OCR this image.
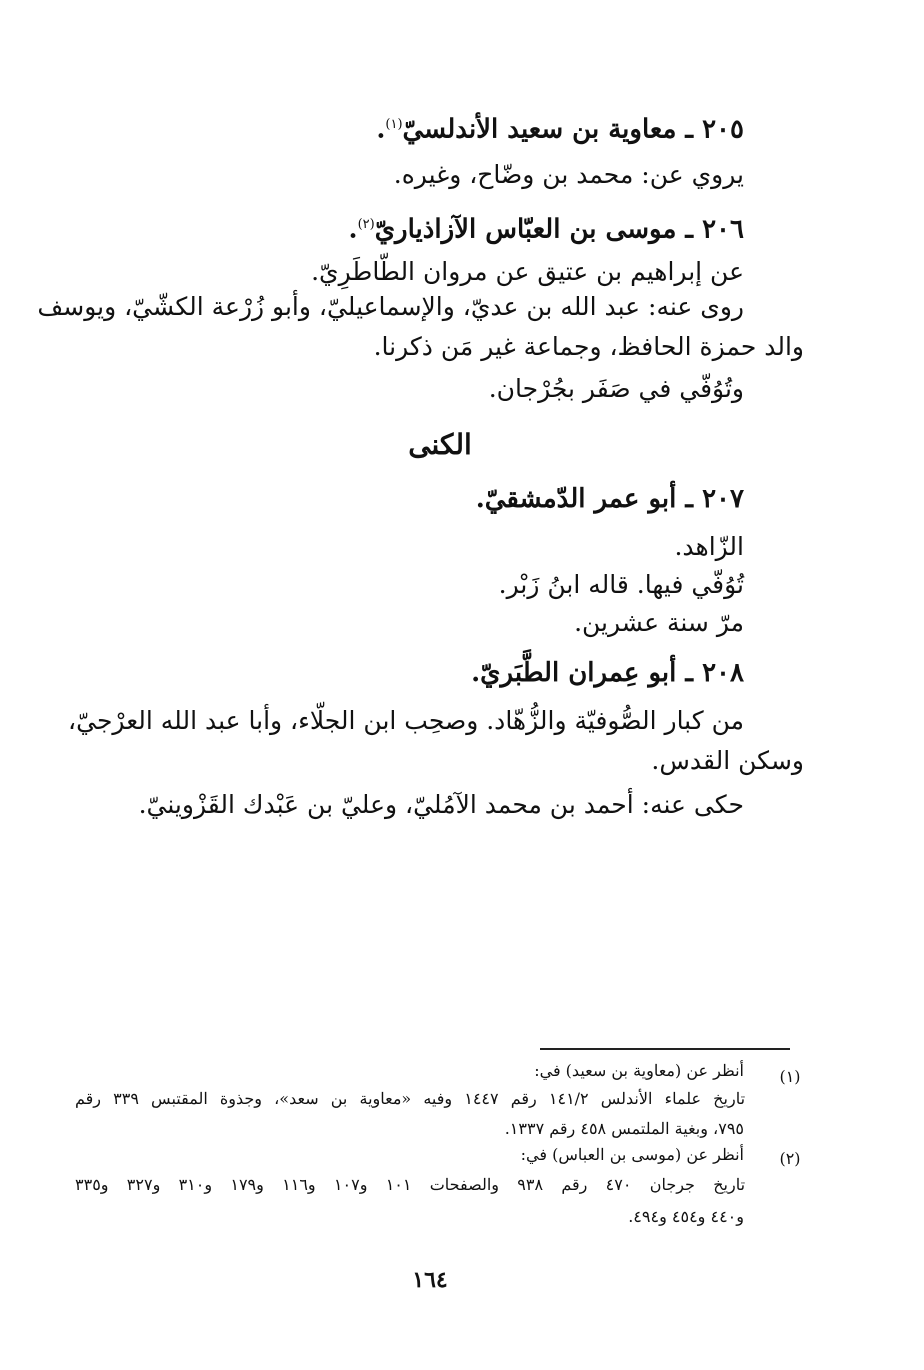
٢٠٥ ـ معاوية بن سعيد الأندلسيّ$^{(١)}$.
يروي عن: محمد بن وضّاح، وغيره.
٢٠٦ ـ موسى بن العبّاس الآزاذياريّ$^{(٢)}$.
عن إبراهيم بن عتيق عن مروان الطّاطَرِيّ.
روى عنه: عبد الله بن عديّ، والإسماعيليّ، وأبو زُرْعة الكشّيّ، ويوسف
والد حمزة الحافظ، وجماعة غير مَن ذكرنا.
وتُوُفّي في صَفَر بجُرْجان.
الكنى
٢٠٧ ـ أبو عمر الدّمشقيّ.
الزّاهد.
تُوُفّي فيها. قاله ابنُ زَبْر.
مرّ سنة عشرين.
٢٠٨ ـ أبو عِمران الطَّبَريّ.
من كبار الصُّوفيّة والزُّهّاد. وصحِب ابن الجلّاء، وأبا عبد الله العرْجيّ،
وسكن القدس.
حكى عنه: أحمد بن محمد الآمُليّ، وعليّ بن عَبْدك القَزْوينيّ.
(١)
أنظر عن (معاوية بن سعيد) في:
تاريخ علماء الأندلس ١٤١/٢ رقم ١٤٤٧ وفيه «معاوية بن سعد»، وجذوة المقتبس ٣٣٩ رقم
٧٩٥، وبغية الملتمس ٤٥٨ رقم ١٣٣٧.
(٢)
أنظر عن (موسى بن العباس) في:
تاريخ جرجان ٤٧٠ رقم ٩٣٨ والصفحات ١٠١ و١٠٧ و١١٦ و١٧٩ و٣١٠ و٣٢٧ و٣٣٥
و٤٤٠ و٤٥٤ و٤٩٤.
١٦٤
